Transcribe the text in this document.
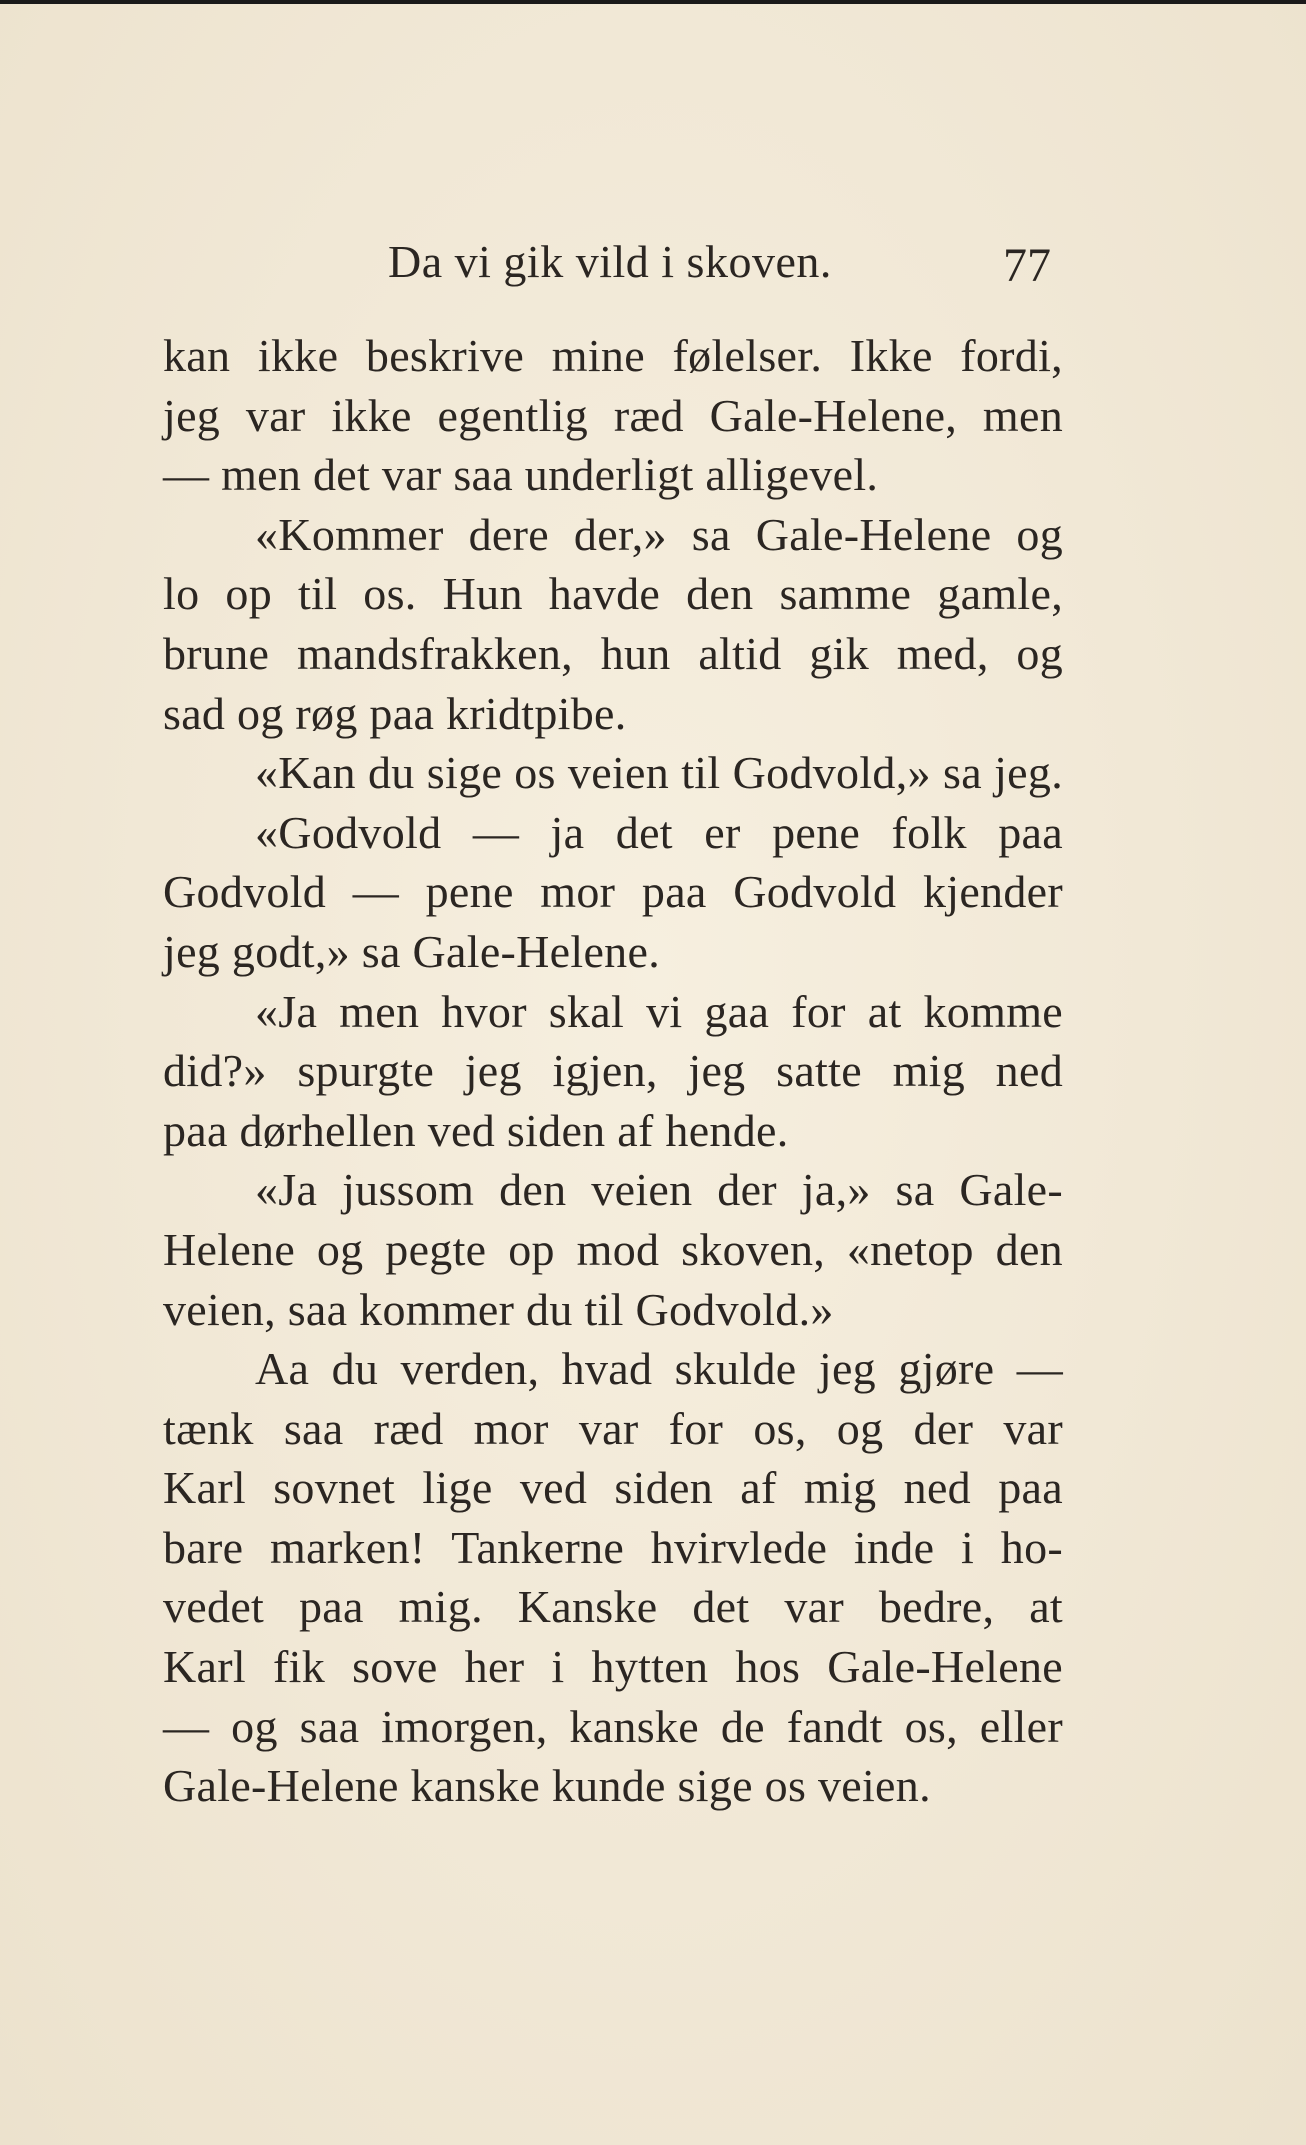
Da vi gik vild i skoven.	77
kan ikke beskrive mine følelser. Ikke fordi,
jeg var ikke egentlig ræd Gale-Helene, men
— men det var saa underligt alligevel.
«Kommer dere der,» sa Gale-Helene og
lo op til os. Hun havde den samme gamle,
brune mandsfrakken, hun altid gik med, og
sad og røg paa kridtpibe.
«Kan du sige os veien til Godvold,» sa jeg.
«Godvold — ja det er pene folk paa
Godvold — pene mor paa Godvold kjender
jeg godt,» sa Gale-Helene.
«Ja men hvor skal vi gaa for at komme
did?» spurgte jeg igjen, jeg satte mig ned
paa dørhellen ved siden af hende.
«Ja jussom den veien der ja,» sa Gale-
Helene og pegte op mod skoven, «netop den
veien, saa kommer du til Godvold.»
Aa du verden, hvad skulde jeg gjøre —
tænk saa ræd mor var for os, og der var
Karl sovnet lige ved siden af mig ned paa
bare marken! Tankerne hvirvlede inde i ho-
vedet paa mig. Kanske det var bedre, at
Karl fik sove her i hytten hos Gale-Helene
— og saa imorgen, kanske de fandt os, eller
Gale-Helene kanske kunde sige os veien.
